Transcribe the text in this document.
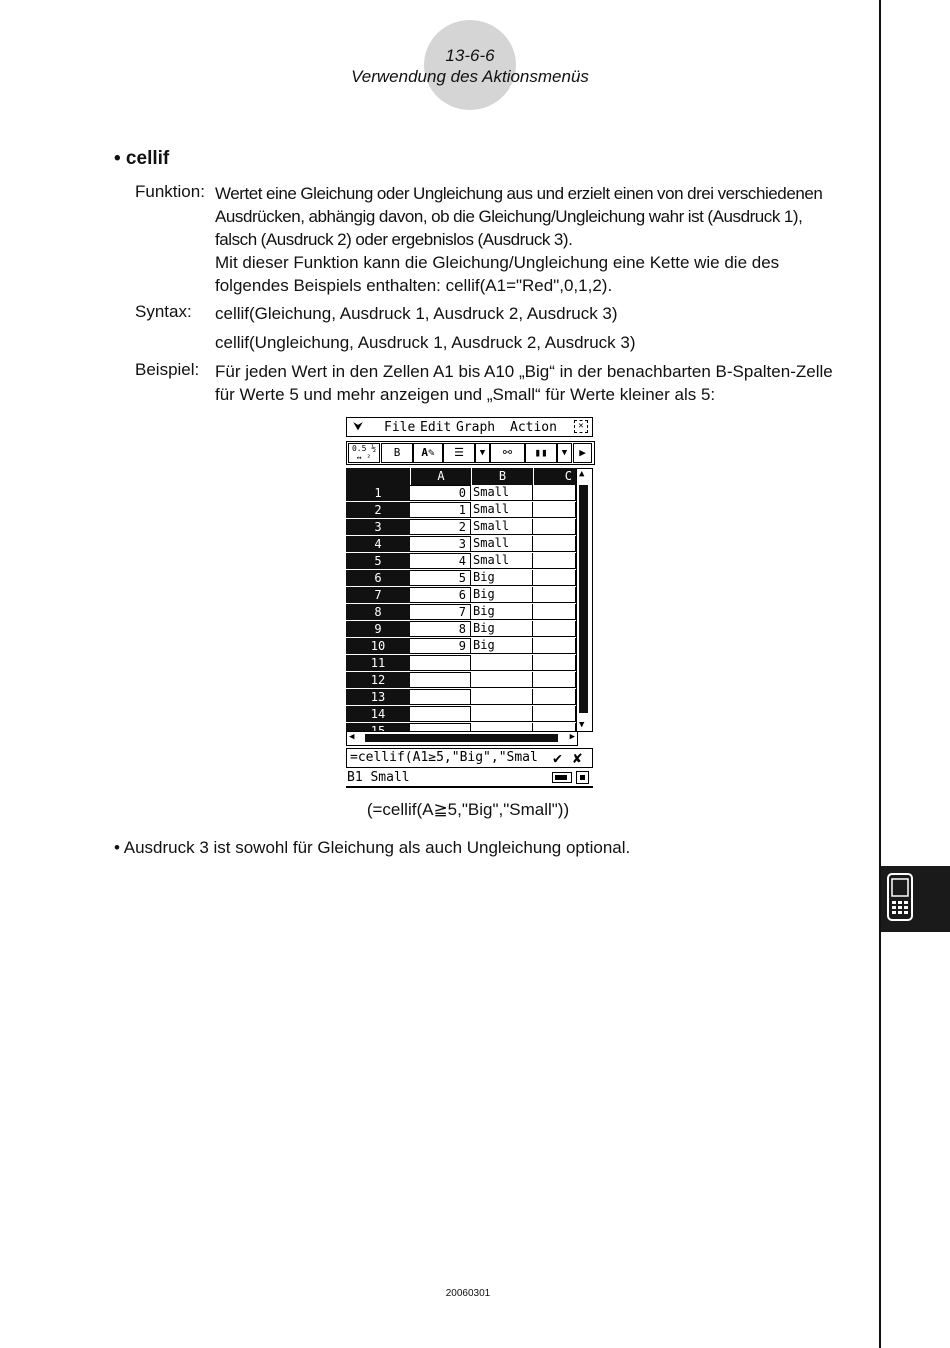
13-6-6
Verwendung des Aktionsmenüs
• cellif
Funktion: Wertet eine Gleichung oder Ungleichung aus und erzielt einen von drei verschiedenen
Ausdrücken, abhängig davon, ob die Gleichung/Ungleichung wahr ist (Ausdruck 1),
falsch (Ausdruck 2) oder ergebnislos (Ausdruck 3).
Mit dieser Funktion kann die Gleichung/Ungleichung eine Kette wie die des
folgendes Beispiels enthalten: cellif(A1="Red",0,1,2).
Syntax: cellif(Gleichung, Ausdruck 1, Ausdruck 2, Ausdruck 3)
cellif(Ungleichung, Ausdruck 1, Ausdruck 2, Ausdruck 3)
Beispiel: Für jeden Wert in den Zellen A1 bis A10 „Big“ in der benachbarten B-Spalten-Zelle
für Werte 5 und mehr anzeigen und „Small“ für Werte kleiner als 5:
⮟ File Edit Graph Action	✕
0.5 ½
↔ ²	B	A✎	☰	▼	⚯	▮▮	▼	▶
A	B	C
1	0 Small
2	1 Small
3	2 Small
4	3 Small
5	4 Small
6	5 Big
7	6 Big
8	7 Big
9	8 Big
10	9 Big
11
12
13
14
▲
▼
◀	▶
=cellif(A1≥5,"Big","Smal	✔ ✘
B1 Small
(=cellif(A≧5,"Big","Small"))
• Ausdruck 3 ist sowohl für Gleichung als auch Ungleichung optional.
20060301
